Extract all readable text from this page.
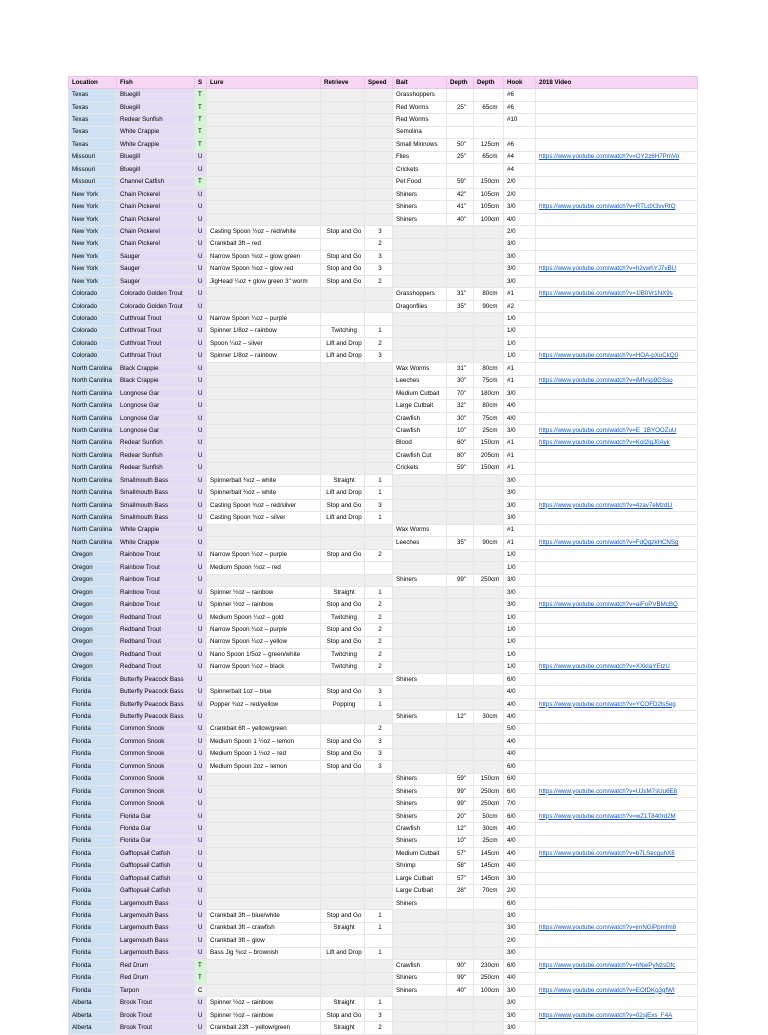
Location	Fish	S	Lure	Retrieve	Speed	Bait	Depth	Depth	Hook	2018 Video
Texas	Bluegill	T				Grasshoppers			#6	
Texas	Bluegill	T				Red Worms	25"	65cm	#6	
Texas	Redear Sunfish	T				Red Worms			#10	
Texas	White Crappie	T				Semolina				
Texas	White Crappie	T				Small Minnows	50"	125cm	#6	
Missouri	Bluegill	U				Flies	25"	65cm	#4	https://www.youtube.com/watch?v=OY2z6H7PmVo
Missouri	Bluegill	U				Crickets			#4	
Missouri	Channel Catfish	T				Pet Food	59"	150cm	2/0	
New York	Chain Pickerel	U				Shiners	42"	105cm	2/0	
New York	Chain Pickerel	U				Shiners	41"	105cm	3/0	https://www.youtube.com/watch?v=RTLdX3vvRtQ
New York	Chain Pickerel	U				Shiners	40"	100cm	4/0	
New York	Chain Pickerel	U	Casting Spoon ½oz – red/white	Stop and Go	3				2/0	
New York	Chain Pickerel	U	Crankbait 3ft – red		2				3/0	
New York	Sauger	U	Narrow Spoon ¾oz – glow green	Stop and Go	3				3/0	
New York	Sauger	U	Narrow Spoon ¾oz – glow red	Stop and Go	3				3/0	https://www.youtube.com/watch?v=h2vwhYJ7vBU
New York	Sauger	U	JigHead ¼oz + glow green 3" worm	Stop and Go	2				3/0	
Colorado	Colorado Golden Trout	U				Grasshoppers	31"	80cm	#1	https://www.youtube.com/watch?v=1lB0Vr1NX9s
Colorado	Colorado Golden Trout	U				Dragonflies	35"	90cm	#2	
Colorado	Cutthroat Trout	U	Narrow Spoon ¼oz – purple						1/0	
Colorado	Cutthroat Trout	U	Spinner 1/8oz – rainbow	Twitching	1				1/0	
Colorado	Cutthroat Trout	U	Spoon ¼oz – silver	Lift and Drop	2				1/0	
Colorado	Cutthroat Trout	U	Spinner 1/8oz – rainbow	Lift and Drop	3				1/0	https://www.youtube.com/watch?v=HOA-pXuCkQ0
North Carolina	Black Crappie	U				Wax Worms	31"	80cm	#1	
North Carolina	Black Crappie	U				Leeches	30"	75cm	#1	https://www.youtube.com/watch?v=iMfvsp9GSso
North Carolina	Longnose Gar	U				Medium Cutbait	70"	180cm	3/0	
North Carolina	Longnose Gar	U				Large Cutbait	32"	80cm	4/0	
North Carolina	Longnose Gar	U				Crawfish	30"	75cm	4/0	
North Carolina	Longnose Gar	U				Crawfish	10"	25cm	3/0	https://www.youtube.com/watch?v=E_1BYOOZuU
North Carolina	Redear Sunfish	U				Blood	60"	150cm	#1	https://www.youtube.com/watch?v=Kol2lgJ0Ayk
North Carolina	Redear Sunfish	U				Crawfish Cut	80"	205cm	#1	
North Carolina	Redear Sunfish	U				Crickets	59"	150cm	#1	
North Carolina	Smallmouth Bass	U	Spinnerbait ¾oz – white	Straight	1				3/0	
North Carolina	Smallmouth Bass	U	Spinnerbait ¾oz – white	Lift and Drop	1				3/0	
North Carolina	Smallmouth Bass	U	Casting Spoon ¾oz – red/silver	Stop and Go	3				3/0	https://www.youtube.com/watch?v=4zav7eMzdLI
North Carolina	Smallmouth Bass	U	Casting Spoon ¾oz – silver	Lift and Drop	1				3/0	
North Carolina	White Crappie	U				Wax Worms			#1	
North Carolina	White Crappie	U				Leeches	35"	90cm	#1	https://www.youtube.com/watch?v=FdQgzkHCNSg
Oregon	Rainbow Trout	U	Narrow Spoon ¼oz – purple	Stop and Go	2				1/0	
Oregon	Rainbow Trout	U	Medium Spoon ½oz – red						1/0	
Oregon	Rainbow Trout	U				Shiners	99"	250cm	3/0	
Oregon	Rainbow Trout	U	Spinner ½oz – rainbow	Straight	1				3/0	
Oregon	Rainbow Trout	U	Spinner ½oz – rainbow	Stop and Go	2				3/0	https://www.youtube.com/watch?v=aIFoPVBMcBQ
Oregon	Redband Trout	U	Medium Spoon ¼oz – gold	Twitching	2				1/0	
Oregon	Redband Trout	U	Narrow Spoon ¼oz – purple	Stop and Go	2				1/0	
Oregon	Redband Trout	U	Narrow Spoon ¼oz – yellow	Stop and Go	2				1/0	
Oregon	Redband Trout	U	Nano Spoon 1/5oz – green/white	Twitching	2				1/0	
Oregon	Redband Trout	U	Narrow Spoon ¼oz – black	Twitching	2				1/0	https://www.youtube.com/watch?v=XXkIaYEtzU
Florida	Butterfly Peacock Bass	U				Shiners			6/0	
Florida	Butterfly Peacock Bass	U	Spinnerbait 1oz – blue	Stop and Go	3				4/0	
Florida	Butterfly Peacock Bass	U	Popper ¾oz – red/yellow	Popping	1				4/0	https://www.youtube.com/watch?v=YCOFD2ls5eg
Florida	Butterfly Peacock Bass	U				Shiners	12"	30cm	4/0	
Florida	Common Snook	U	Crankbait 6ft – yellow/green		2				5/0	
Florida	Common Snook	U	Medium Spoon 1 ½oz – lemon	Stop and Go	3				4/0	
Florida	Common Snook	U	Medium Spoon 1 ½oz – red	Stop and Go	3				4/0	
Florida	Common Snook	U	Medium Spoon 2oz – lemon	Stop and Go	3				6/0	
Florida	Common Snook	U				Shiners	59"	150cm	6/0	
Florida	Common Snook	U				Shiners	99"	250cm	6/0	https://www.youtube.com/watch?v=UJsM7sUu6E8
Florida	Common Snook	U				Shiners	99"	250cm	7/0	
Florida	Florida Gar	U				Shiners	20"	50cm	6/0	https://www.youtube.com/watch?v=wZ1T840rd2M
Florida	Florida Gar	U				Crawfish	12"	30cm	4/0	
Florida	Florida Gar	U				Shiners	10"	25cm	4/0	
Florida	Gafftopsail Catfish	U				Medium Cutbait	57"	145cm	4/0	https://www.youtube.com/watch?v=b7LSecguhX8
Florida	Gafftopsail Catfish	U				Shrimp	58"	145cm	4/0	
Florida	Gafftopsail Catfish	U				Large Cutbait	57"	145cm	3/0	
Florida	Gafftopsail Catfish	U				Large Cutbait	28"	70cm	2/0	
Florida	Largemouth Bass	U				Shiners			6/0	
Florida	Largemouth Bass	U	Crankbait 3ft – blue/white	Stop and Go	1				3/0	
Florida	Largemouth Bass	U	Crankbait 3ft – crawfish	Straight	1				3/0	https://www.youtube.com/watch?v=jmNGiPpmfm8
Florida	Largemouth Bass	U	Crankbait 3ft – glow						2/0	
Florida	Largemouth Bass	U	Bass Jig ¾oz – brownish	Lift and Drop	1				3/0	
Florida	Red Drum	T				Crawfish	90"	230cm	6/0	https://www.youtube.com/watch?v=hNwPyNzsDfc
Florida	Red Drum	T				Shiners	99"	250cm	4/0	
Florida	Tarpon	C				Shiners	40"	100cm	3/0	https://www.youtube.com/watch?v=EOfDKg3gfWI
Alberta	Brook Trout	U	Spinner ½oz – rainbow	Straight	1				3/0	
Alberta	Brook Trout	U	Spinner ½oz – rainbow	Stop and Go	3				3/0	https://www.youtube.com/watch?v=02sjExs_F4A
Alberta	Brook Trout	U	Crankbait 23ft – yellow/green	Straight	2				3/0	
